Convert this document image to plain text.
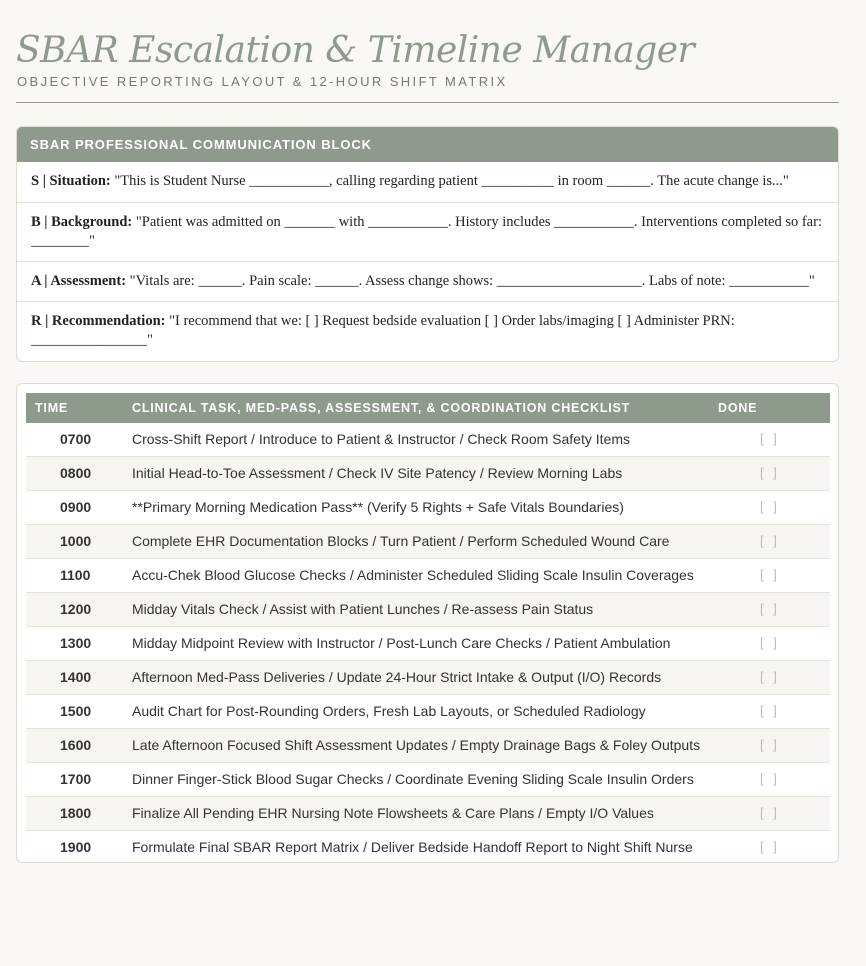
SBAR Escalation & Timeline Manager
OBJECTIVE REPORTING LAYOUT & 12-HOUR SHIFT MATRIX
SBAR PROFESSIONAL COMMUNICATION BLOCK
S | Situation: "This is Student Nurse ___________, calling regarding patient __________ in room ______. The acute change is..."
B | Background: "Patient was admitted on _______ with ___________. History includes ___________. Interventions completed so far: ________"
A | Assessment: "Vitals are: ______. Pain scale: ______. Assess change shows: ____________________. Labs of note: ___________"
R | Recommendation: "I recommend that we: [ ] Request bedside evaluation [ ] Order labs/imaging [ ] Administer PRN: ________________"
TIME	CLINICAL TASK, MED-PASS, ASSESSMENT, & COORDINATION CHECKLIST	DONE
0700	Cross-Shift Report / Introduce to Patient & Instructor / Check Room Safety Items	[ ]
0800	Initial Head-to-Toe Assessment / Check IV Site Patency / Review Morning Labs	[ ]
0900	**Primary Morning Medication Pass** (Verify 5 Rights + Safe Vitals Boundaries)	[ ]
1000	Complete EHR Documentation Blocks / Turn Patient / Perform Scheduled Wound Care	[ ]
1100	Accu-Chek Blood Glucose Checks / Administer Scheduled Sliding Scale Insulin Coverages	[ ]
1200	Midday Vitals Check / Assist with Patient Lunches / Re-assess Pain Status	[ ]
1300	Midday Midpoint Review with Instructor / Post-Lunch Care Checks / Patient Ambulation	[ ]
1400	Afternoon Med-Pass Deliveries / Update 24-Hour Strict Intake & Output (I/O) Records	[ ]
1500	Audit Chart for Post-Rounding Orders, Fresh Lab Layouts, or Scheduled Radiology	[ ]
1600	Late Afternoon Focused Shift Assessment Updates / Empty Drainage Bags & Foley Outputs	[ ]
1700	Dinner Finger-Stick Blood Sugar Checks / Coordinate Evening Sliding Scale Insulin Orders	[ ]
1800	Finalize All Pending EHR Nursing Note Flowsheets & Care Plans / Empty I/O Values	[ ]
1900	Formulate Final SBAR Report Matrix / Deliver Bedside Handoff Report to Night Shift Nurse	[ ]
